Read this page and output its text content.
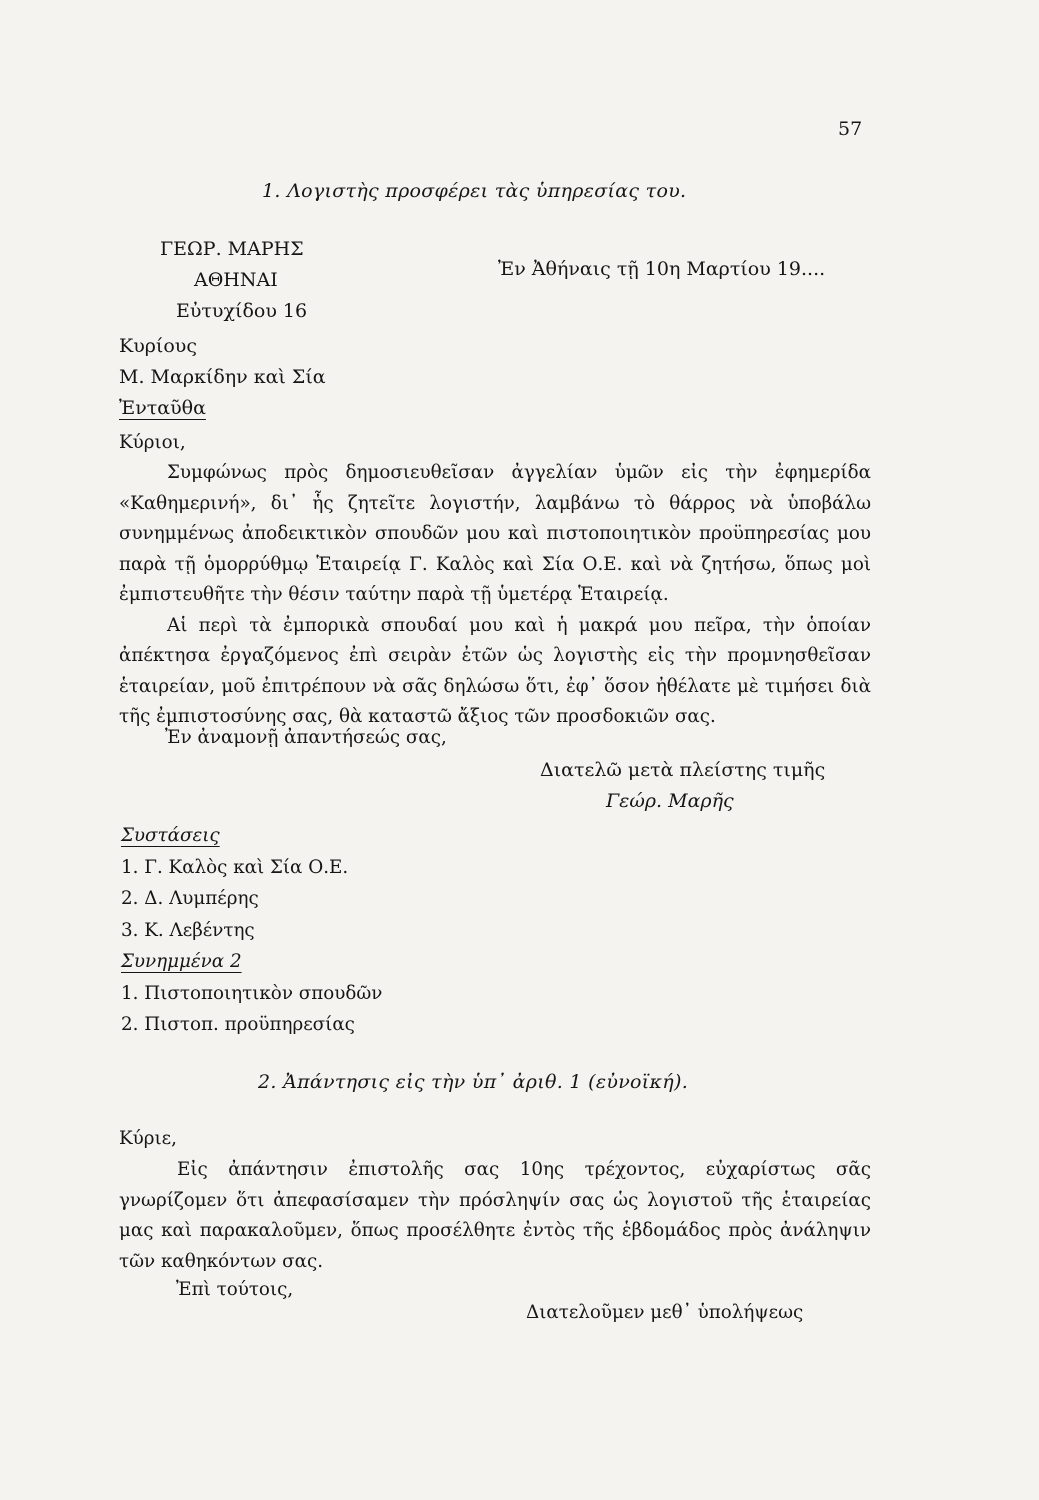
57
1. Λογιστὴς προσφέρει τὰς ὑπηρεσίας του.
ΓΕΩΡ. ΜΑΡΗΣ
ΑΘΗΝΑΙ
Εὐτυχίδου 16
Ἐν Ἀθήναις τῇ 10η Μαρτίου 19....
Κυρίους
Μ. Μαρκίδην καὶ Σία
Ἐνταῦθα
Κύριοι,

Συμφώνως πρὸς δημοσιευθεῖσαν ἀγγελίαν ὑμῶν εἰς τὴν ἐφημερίδα «Καθημερινή», δι᾽ ἧς ζητεῖτε λογιστήν, λαμβάνω τὸ θάρρος νὰ ὑποβάλω συνημμένως ἀποδεικτικὸν σπουδῶν μου καὶ πιστοποιητικὸν προϋπηρεσίας μου παρὰ τῇ ὁμορρύθμῳ Ἑταιρείᾳ Γ. Καλὸς καὶ Σία Ο.Ε. καὶ νὰ ζητήσω, ὅπως μοὶ ἐμπιστευθῆτε τὴν θέσιν ταύτην παρὰ τῇ ὑμετέρᾳ Ἑταιρείᾳ.

Αἱ περὶ τὰ ἐμπορικὰ σπουδαί μου καὶ ἡ μακρά μου πεῖρα, τὴν ὁποίαν ἀπέκτησα ἐργαζόμενος ἐπὶ σειρὰν ἐτῶν ὡς λογιστὴς εἰς τὴν προμνησθεῖσαν ἑταιρείαν, μοῦ ἐπιτρέπουν νὰ σᾶς δηλώσω ὅτι, ἐφ᾽ ὅσον ἠθέλατε μὲ τιμήσει διὰ τῆς ἐμπιστοσύνης σας, θὰ καταστῶ ἄξιος τῶν προσδοκιῶν σας.

Ἐν ἀναμονῇ ἀπαντήσεώς σας,
Διατελῶ μετὰ πλείστης τιμῆς
Γεώρ. Μαρῆς
Συστάσεις
1. Γ. Καλὸς καὶ Σία Ο.Ε.
2. Δ. Λυμπέρης
3. Κ. Λεβέντης
Συνημμένα 2
1. Πιστοποιητικὸν σπουδῶν
2. Πιστοπ. προϋπηρεσίας
2. Ἀπάντησις εἰς τὴν ὑπ᾽ ἀριθ. 1 (εὐνοϊκή).
Κύριε,

Εἰς ἀπάντησιν ἐπιστολῆς σας 10ης τρέχοντος, εὐχαρίστως σᾶς γνωρίζομεν ὅτι ἀπεφασίσαμεν τὴν πρόσληψίν σας ὡς λογιστοῦ τῆς ἑταιρείας μας καὶ παρακαλοῦμεν, ὅπως προσέλθητε ἐντὸς τῆς ἑβδομάδος πρὸς ἀνάληψιν τῶν καθηκόντων σας.

Ἐπὶ τούτοις,
Διατελοῦμεν μεθ᾽ ὑπολήψεως
